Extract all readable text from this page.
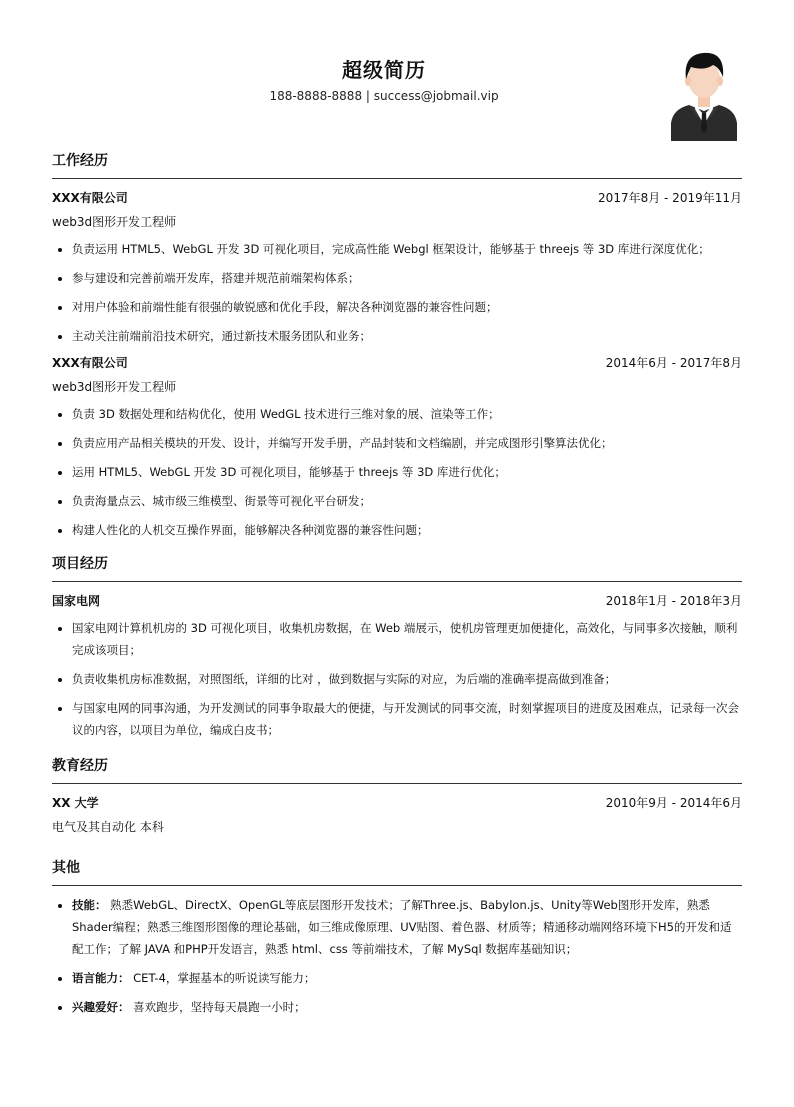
超级简历
188-8888-8888 | success@jobmail.vip
工作经历
XXX有限公司	2017年8月 - 2019年11月
web3d图形开发工程师
• 负责运用 HTML5、WebGL 开发 3D 可视化项目，完成高性能 Webgl 框架设计，能够基于 threejs 等 3D 库进行深度优化；
• 参与建设和完善前端开发库，搭建并规范前端架构体系；
• 对用户体验和前端性能有很强的敏锐感和优化手段，解决各种浏览器的兼容性问题；
• 主动关注前端前沿技术研究，通过新技术服务团队和业务；
XXX有限公司	2014年6月 - 2017年8月
web3d图形开发工程师
• 负责 3D 数据处理和结构优化，使用 WedGL 技术进行三维对象的展、渲染等工作；
• 负责应用产品相关模块的开发、设计，并编写开发手册，产品封装和文档编剧，并完成图形引擎算法优化；
• 运用 HTML5、WebGL 开发 3D 可视化项目，能够基于 threejs 等 3D 库进行优化；
• 负责海量点云、城市级三维模型、街景等可视化平台研发；
• 构建人性化的人机交互操作界面，能够解决各种浏览器的兼容性问题；
项目经历
国家电网	2018年1月 - 2018年3月
• 国家电网计算机机房的 3D 可视化项目，收集机房数据，在 Web 端展示，使机房管理更加便捷化，高效化，与同事多次接触，顺利完成该项目；
• 负责收集机房标准数据，对照图纸，详细的比对 ，做到数据与实际的对应，为后端的准确率提高做到准备；
• 与国家电网的同事沟通，为开发测试的同事争取最大的便捷，与开发测试的同事交流，时刻掌握项目的进度及困难点，记录每一次会议的内容，以项目为单位，编成白皮书；
教育经历
XX 大学	2010年9月 - 2014年6月
电气及其自动化 本科
其他
• 技能： 熟悉WebGL、DirectX、OpenGL等底层图形开发技术；了解Three.js、Babylon.js、Unity等Web图形开发库，熟悉Shader编程；熟悉三维图形图像的理论基础，如三维成像原理、UV贴图、着色器、材质等；精通移动端网络环境下H5的开发和适配工作；了解 JAVA 和PHP开发语言，熟悉 html、css 等前端技术，了解 MySql 数据库基础知识；
• 语言能力： CET-4，掌握基本的听说读写能力；
• 兴趣爱好： 喜欢跑步，坚持每天晨跑一小时；
